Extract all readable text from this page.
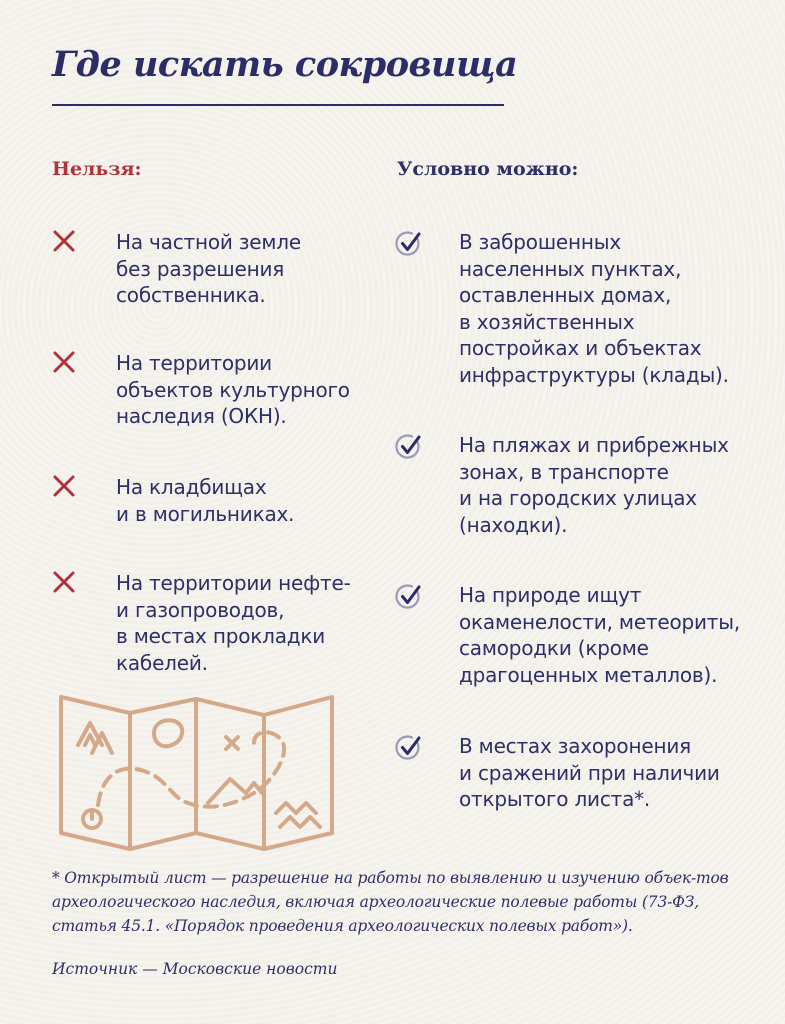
Где искать сокровища
Нельзя:	Условно можно:

На частной земле
без разрешения
собственника.

На территории
объектов культурного
наследия (ОКН).

На кладбищах
и в могильниках.

На территории нефте-
и газопроводов,
в местах прокладки
кабелей.

В заброшенных
населенных пунктах,
оставленных домах,
в хозяйственных
постройках и объектах
инфраструктуры (клады).

На пляжах и прибрежных
зонах, в транспорте
и на городских улицах
(находки).

На природе ищут
окаменелости, метеориты,
самородки (кроме
драгоценных металлов).

В местах захоронения
и сражений при наличии
открытого листа*.

* Открытый лист — разрешение на работы по выявлению и изучению объек-тов археологического наследия, включая археологические полевые работы (73-ФЗ, статья 45.1. «Порядок проведения археологических полевых работ»).

Источник — Московские новости
